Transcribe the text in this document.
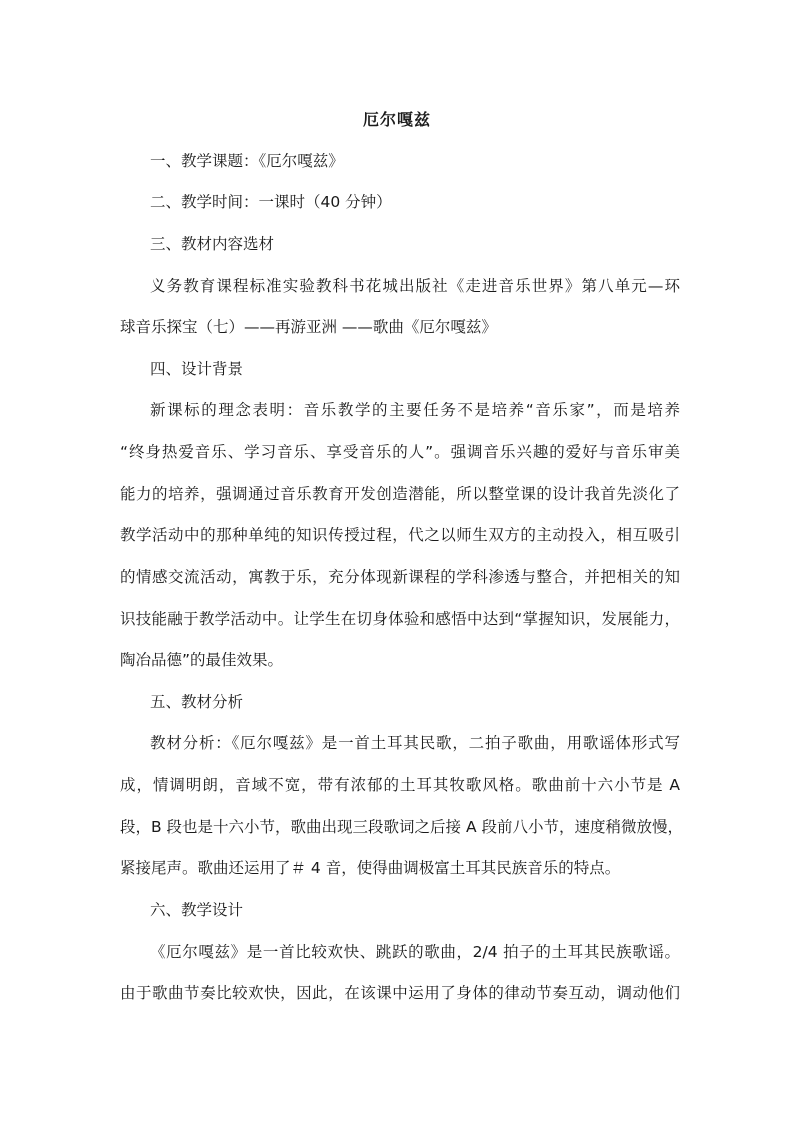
厄尔嘎兹
一、教学课题：《厄尔嘎兹》
二、教学时间：一课时（40 分钟）
三、教材内容选材
义务教育课程标准实验教科书花城出版社《走进音乐世界》第八单元—环
球音乐探宝（七）——再游亚洲 ——歌曲《厄尔嘎兹》
四、设计背景
新课标的理念表明：音乐教学的主要任务不是培养“音乐家”，而是培养
“终身热爱音乐、学习音乐、享受音乐的人”。强调音乐兴趣的爱好与音乐审美
能力的培养，强调通过音乐教育开发创造潜能，所以整堂课的设计我首先淡化了
教学活动中的那种单纯的知识传授过程，代之以师生双方的主动投入，相互吸引
的情感交流活动，寓教于乐，充分体现新课程的学科渗透与整合，并把相关的知
识技能融于教学活动中。让学生在切身体验和感悟中达到“掌握知识，发展能力，
陶冶品德”的最佳效果。
五、教材分析
教材分析：《厄尔嘎兹》是一首土耳其民歌，二拍子歌曲，用歌谣体形式写
成，情调明朗，音域不宽，带有浓郁的土耳其牧歌风格。歌曲前十六小节是 A
段，B 段也是十六小节，歌曲出现三段歌词之后接 A 段前八小节，速度稍微放慢，
紧接尾声。歌曲还运用了＃ 4 音，使得曲调极富土耳其民族音乐的特点。
六、教学设计
《厄尔嘎兹》是一首比较欢快、跳跃的歌曲，2/4 拍子的土耳其民族歌谣。
由于歌曲节奏比较欢快，因此，在该课中运用了身体的律动节奏互动，调动他们
